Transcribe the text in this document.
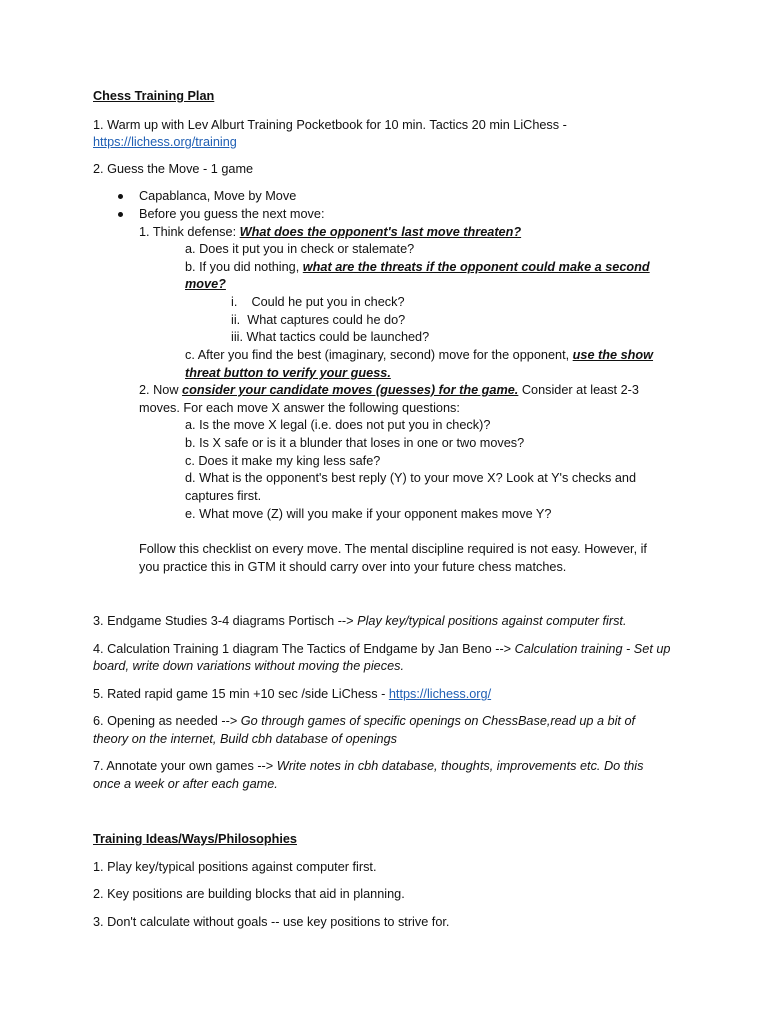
Chess Training Plan

1. Warm up with Lev Alburt Training Pocketbook for 10 min. Tactics 20 min LiChess -

https://lichess.org/training

2. Guess the Move - 1 game

Capablanca, Move by Move

Before you guess the next move:

1. Think defense: What does the opponent's last move threaten?

a. Does it put you in check or stalemate?

b. If you did nothing, what are the threats if the opponent could make a second

move?

i.    Could he put you in check?

ii.  What captures could he do?

iii. What tactics could be launched?

c. After you find the best (imaginary, second) move for the opponent, use the show

threat button to verify your guess.

2. Now consider your candidate moves (guesses) for the game. Consider at least 2-3

moves. For each move X answer the following questions:

a. Is the move X legal (i.e. does not put you in check)?

b. Is X safe or is it a blunder that loses in one or two moves?

c. Does it make my king less safe?

d. What is the opponent's best reply (Y) to your move X? Look at Y's checks and

captures first.

e. What move (Z) will you make if your opponent makes move Y?

Follow this checklist on every move. The mental discipline required is not easy. However, if

you practice this in GTM it should carry over into your future chess matches.

3. Endgame Studies 3-4 diagrams Portisch --> Play key/typical positions against computer first.

4. Calculation Training 1 diagram The Tactics of Endgame by Jan Beno --> Calculation training - Set up

board, write down variations without moving the pieces.

5. Rated rapid game 15 min +10 sec /side LiChess - https://lichess.org/

6. Opening as needed --> Go through games of specific openings on ChessBase,read up a bit of

theory on the internet, Build cbh database of openings

7. Annotate your own games --> Write notes in cbh database, thoughts, improvements etc. Do this

once a week or after each game.

Training Ideas/Ways/Philosophies

1. Play key/typical positions against computer first.

2. Key positions are building blocks that aid in planning.

3. Don't calculate without goals -- use key positions to strive for.
